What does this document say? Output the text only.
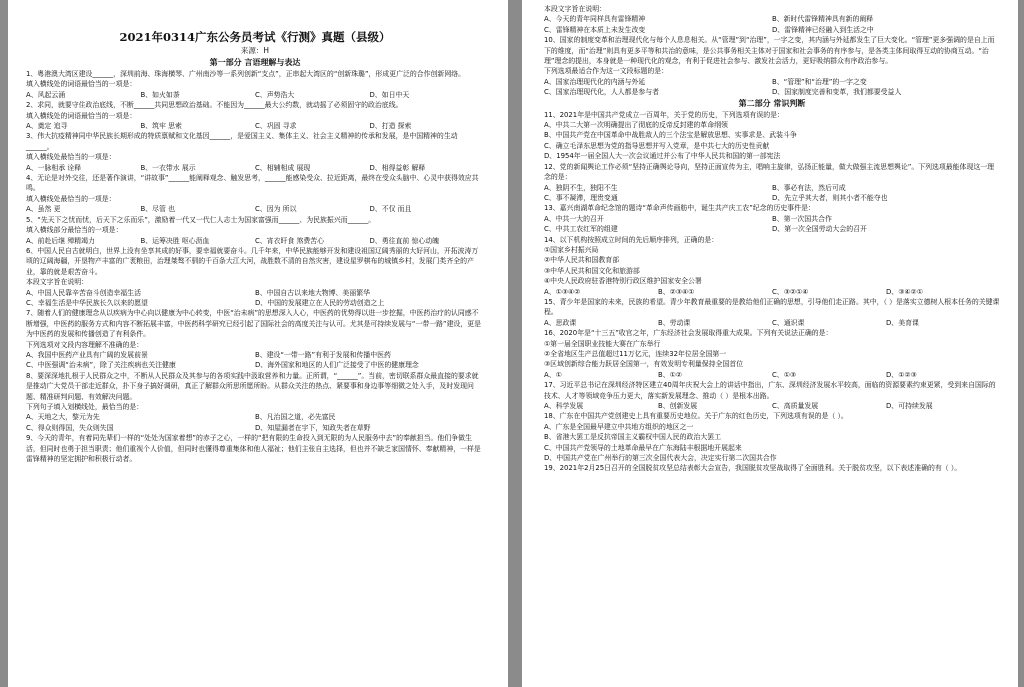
2021年0314广东公务员考试《行测》真题（县级）
来源：H
第一部分 言语理解与表达
1、粤港澳大湾区建设______，深圳前海、珠海横琴、广州南沙等一系列创新“支点”，正串起大湾区的“创新珠璐”，形成更广泛的合作创新网络。
填入横线处的词语最恰当的一项是：
A、风起云涌	B、如火如荼	C、声势浩大	D、如日中天
2、求同，就要守住政治底线，不断______共同思想政治基础。不能因为______最大公约数，就动摇了必须固守的政治底线。
填入横线处的词语最恰当的一项是：
A、奠定 追寻	B、筑牢 思索	C、巩固 寻求	D、打造 探索
3、伟大抗疫精神同中华民族长期形成的特质禀赋和文化基因______，是爱国主义、集体主义、社会主义精神的传承和发展，是中国精神的生动______。
填入横线处最恰当的一项是：
A、一脉相承 诠释	B、一衣带水 展示	C、相辅相成 展现	D、相得益彰 解释
4、无论是对外交往，还是著作演讲，“讲故事”______能阐释观念、触发思考，______能感染受众、拉近距离，最终在受众头脑中、心灵中获得效应共鸣。
填入横线处最恰当的一项是：
A、虽然 更	B、尽管 也	C、因为 所以	D、不仅 而且
5、“先天下之忧而忧，后天下之乐而乐”，激励着一代又一代仁人志士为国家富强而______、为民族振兴而______。
填入横线部分最恰当的一项是：
A、前赴后继 殚精竭力	B、运筹决胜 呕心沥血	C、宵衣旰食 煞费苦心	D、勇往直前 惊心动魄
6、中国人民自古就明白，世界上没有坐享其成的好事，要幸福就要奋斗。几千年来，中华民族能够开发和建设祖国辽阔秀丽的大好河山，开拓波涛万顷的辽阔海疆，开垦物产丰富的广袤粮田，治理桀骜不驯的千百条大江大河，战胜数不清的自然灾害，建设星罗棋布的城镇乡村，发展门类齐全的产业，靠的就是艰苦奋斗。
本段文字旨在说明：
A、中国人民靠辛苦奋斗创造幸福生活	B、中国自古以来地大物博、美丽繁华
C、幸福生活是中华民族长久以来的愿望	D、中国的发展建立在人民的劳动创造之上
7、随着人们的健康理念从以疾病为中心向以健康为中心转变，中医“治未病”的思想深入人心，中医药的优势得以进一步挖掘，中医药治疗的认同感不断增强，中医药的服务方式和内容不断拓展丰富，中医药科学研究已经引起了国际社会的高度关注与认可。尤其是可持续发展与“一带一路”建设，更是为中医药的发展和传播创造了有利条件。
下列选项对文段内容理解不准确的是：
A、我国中医药产业具有广阔的发展前景	B、建设“一带一路”有利于发展和传播中医药
C、中医强调“治未病”，除了关注疾病也关注健康	D、海外国家和地区的人们广泛接受了中医的健康理念
8、要深深地扎根于人民群众之中，不断从人民群众及其参与的各项实践中汲取营养和力量。正所谓，“______”。当前，密切联系群众最直接的要求就是推动广大党员干部走近群众，扑下身子搞好调研，真正了解群众所思所愿所盼。从群众关注的热点、紧要事和身边事等细微之处入手，及时发现问题、精准研判问题、有效解决问题。
下列句子填入划横线处，最恰当的是：
A、天地之大，黎元为先	B、凡治国之道，必先富民
C、得众则得国，失众则失国	D、知屋漏者在宇下，知政失者在草野
9、今天的青年，有着同先辈们一样的“处处为国家着想”的赤子之心，一样的“把有限的生命投入到无限的为人民服务中去”的奉献担当。他们争做生活，但同时也勇于担当职责；他们重视个人价值，但同时也懂得尊重集体和他人福祉；他们主张自主选择，但也并不缺乏家国情怀、奉献精神，一样是雷锋精神的坚定拥护和积极行动者。
本段文字旨在说明：
A、今天的青年同样具有雷锋精神	B、新时代雷锋精神具有新的阐释
C、雷锋精神在本质上未发生改变	D、雷锋精神已经融入到生活之中
10、国家的制度变革和治理现代化与每个人息息相关。从“管理”到“治理”，一字之变，其内涵与外延都发生了巨大变化。“管理”更多强调的是自上而下的维度，而“治理”则具有更多平等和共治的意味，是公共事务相关主体对于国家和社会事务的有序参与，是各类主体间取得互动的协商互动。“治理”理念的提出，本身就是一种现代化的观念，有利于促进社会参与、激发社会活力，更好吸纳群众有序政治参与。
下列选项最适合作为这一文段标题的是：
A、国家治理现代化的内涵与外延	B、“管理”和“治理”的一字之变
C、国家治理现代化，人人都是参与者	D、国家制度完善和变革，我们都要受益人
第二部分 常识判断
11、2021年是中国共产党成立一百周年，关于党的历史，下列选项有误的是：
A、中共二大第一次明确提出了彻底的反帝反封建的革命纲领
B、中国共产党在中国革命中战胜敌人的三个法宝是解放思想、实事求是、武装斗争
C、确立毛泽东思想为党的指导思想并写入党章，是中共七大的历史性贡献
D、1954年一届全国人大一次会议通过并公布了中华人民共和国的第一部宪法
12、党的新闻舆论工作必须“坚持正确舆论导向，坚持正面宣传为主，唱响主旋律，弘扬正能量，做大做强主流思想舆论”。下列选项最能体现这一理念的是：
A、独阴不生，独阳不生	B、事必有法，然后可成
C、事不凝滞，理贵变通	D、先立乎其大者，则其小者不能夺也
13、嘉兴南湖革命纪念馆的题诗“革命声传画舫中，诞生共产庆工农”纪念的历史事件是：
A、中共一大的召开	B、第一次国共合作
C、中共工农红军的组建	D、第一次全国劳动大会的召开
14、以下机构按照成立时间的先后顺序排列，正确的是：
①国家乡村振兴局
②中华人民共和国教育部
③中华人民共和国文化和旅游部
④中央人民政府驻香港特别行政区维护国家安全公署
A、①③④②	B、②③④①	C、③②①④	D、③④②①
15、青少年是国家的未来，民族的希望。青少年教育最重要的是教给他们正确的思想，引导他们走正路。其中，（ ）是落实立德树人根本任务的关键课程。
A、思政课	B、劳动课	C、通识课	D、美育课
16、2020年是“十三五”收官之年，广东经济社会发展取得重大成果。下列有关说法正确的是：
①第一届全国职业技能大赛在广东举行
②全省地区生产总值超过11万亿元，连续32年位居全国第一
③区域创新综合能力跃居全国第一，有效发明专利量保持全国首位
A、①	B、①②	C、①③	D、①②③
17、习近平总书记在深圳经济特区建立40周年庆祝大会上的讲话中指出，广东、深圳经济发展水平较高，面临的资源要素约束更紧，受到来自国际的技术、人才等领域竞争压力更大，落实新发展理念、推动（ ）是根本出路。
A、科学发展	B、创新发展	C、高质量发展	D、可持续发展
18、广东在中国共产党创建史上具有重要历史地位。关于广东的红色历史，下列选项有误的是（ ）。
A、广东是全国最早建立中共地方组织的地区之一
B、省港大罢工是反抗帝国主义霸权中国人民的政治大罢工
C、中国共产党领导的土地革命最早在广东海陆丰根据地开展起来
D、中国共产党在广州举行的第三次全国代表大会，决定实行第二次国共合作
19、2021年2月25日召开的全国脱贫攻坚总结表彰大会宣告，我国脱贫攻坚战取得了全面胜利。关于脱贫攻坚，以下表述准确的有（ ）。
